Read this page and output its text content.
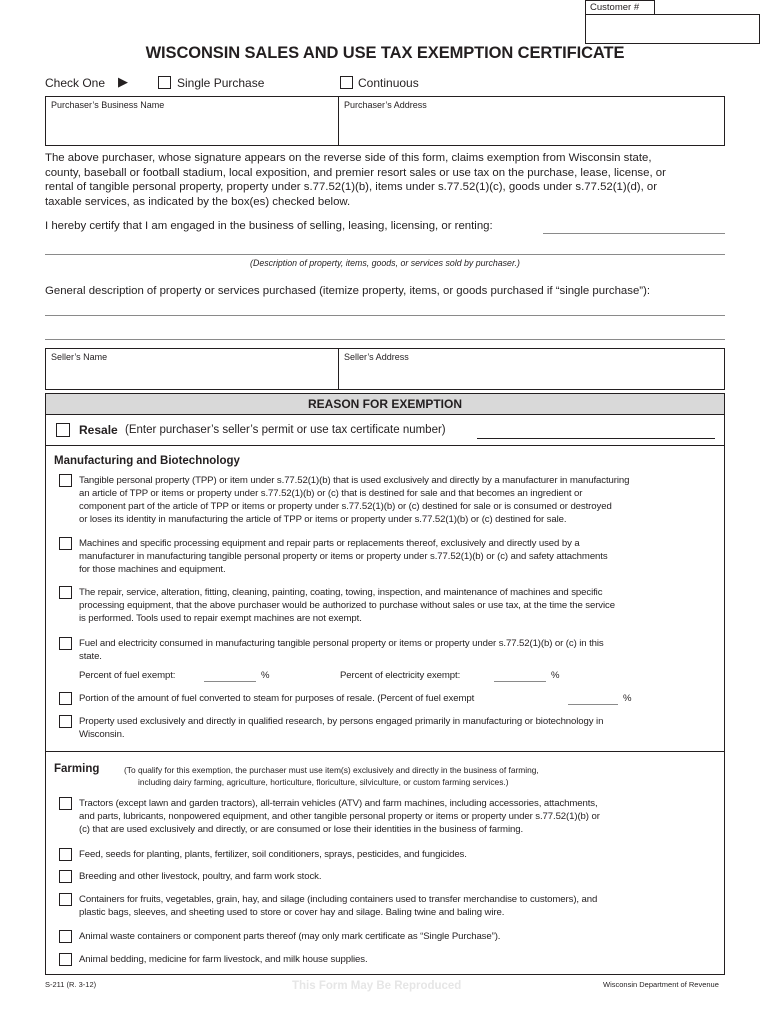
Customer #
WISCONSIN SALES AND USE TAX EXEMPTION CERTIFICATE
Check One ▶	Single Purchase	Continuous
Purchaser’s Business Name	Purchaser’s Address
The above purchaser, whose signature appears on the reverse side of this form, claims exemption from Wisconsin state,
county, baseball or football stadium, local exposition, and premier resort sales or use tax on the purchase, lease, license, or
rental of tangible personal property, property under s.77.52(1)(b), items under s.77.52(1)(c), goods under s.77.52(1)(d), or
taxable services, as indicated by the box(es) checked below.
I hereby certify that I am engaged in the business of selling, leasing, licensing, or renting:
(Description of property, items, goods, or services sold by purchaser.)
General description of property or services purchased (itemize property, items, or goods purchased if “single purchase”):
Seller’s Name	Seller’s Address
REASON FOR EXEMPTION
Resale (Enter purchaser’s seller’s permit or use tax certificate number)
Manufacturing and Biotechnology
Tangible personal property (TPP) or item under s.77.52(1)(b) that is used exclusively and directly by a manufacturer in manufacturing
an article of TPP or items or property under s.77.52(1)(b) or (c) that is destined for sale and that becomes an ingredient or
component part of the article of TPP or items or property under s.77.52(1)(b) or (c) destined for sale or is consumed or destroyed
or loses its identity in manufacturing the article of TPP or items or property under s.77.52(1)(b) or (c) destined for sale.
Machines and specific processing equipment and repair parts or replacements thereof, exclusively and directly used by a
manufacturer in manufacturing tangible personal property or items or property under s.77.52(1)(b) or (c) and safety attachments
for those machines and equipment.
The repair, service, alteration, fitting, cleaning, painting, coating, towing, inspection, and maintenance of machines and specific
processing equipment, that the above purchaser would be authorized to purchase without sales or use tax, at the time the service
is performed. Tools used to repair exempt machines are not exempt.
Fuel and electricity consumed in manufacturing tangible personal property or items or property under s.77.52(1)(b) or (c) in this
state.
Percent of fuel exempt:	%	Percent of electricity exempt:	%
Portion of the amount of fuel converted to steam for purposes of resale. (Percent of fuel exempt	%
Property used exclusively and directly in qualified research, by persons engaged primarily in manufacturing or biotechnology in
Wisconsin.
Farming	(To qualify for this exemption, the purchaser must use item(s) exclusively and directly in the business of farming,
including dairy farming, agriculture, horticulture, floriculture, silviculture, or custom farming services.)
Tractors (except lawn and garden tractors), all-terrain vehicles (ATV) and farm machines, including accessories, attachments,
and parts, lubricants, nonpowered equipment, and other tangible personal property or items or property under s.77.52(1)(b) or
(c) that are used exclusively and directly, or are consumed or lose their identities in the business of farming.
Feed, seeds for planting, plants, fertilizer, soil conditioners, sprays, pesticides, and fungicides.
Breeding and other livestock, poultry, and farm work stock.
Containers for fruits, vegetables, grain, hay, and silage (including containers used to transfer merchandise to customers), and
plastic bags, sleeves, and sheeting used to store or cover hay and silage. Baling twine and baling wire.
Animal waste containers or component parts thereof (may only mark certificate as “Single Purchase”).
Animal bedding, medicine for farm livestock, and milk house supplies.
S-211 (R. 3-12)	This Form May Be Reproduced	Wisconsin Department of Revenue
